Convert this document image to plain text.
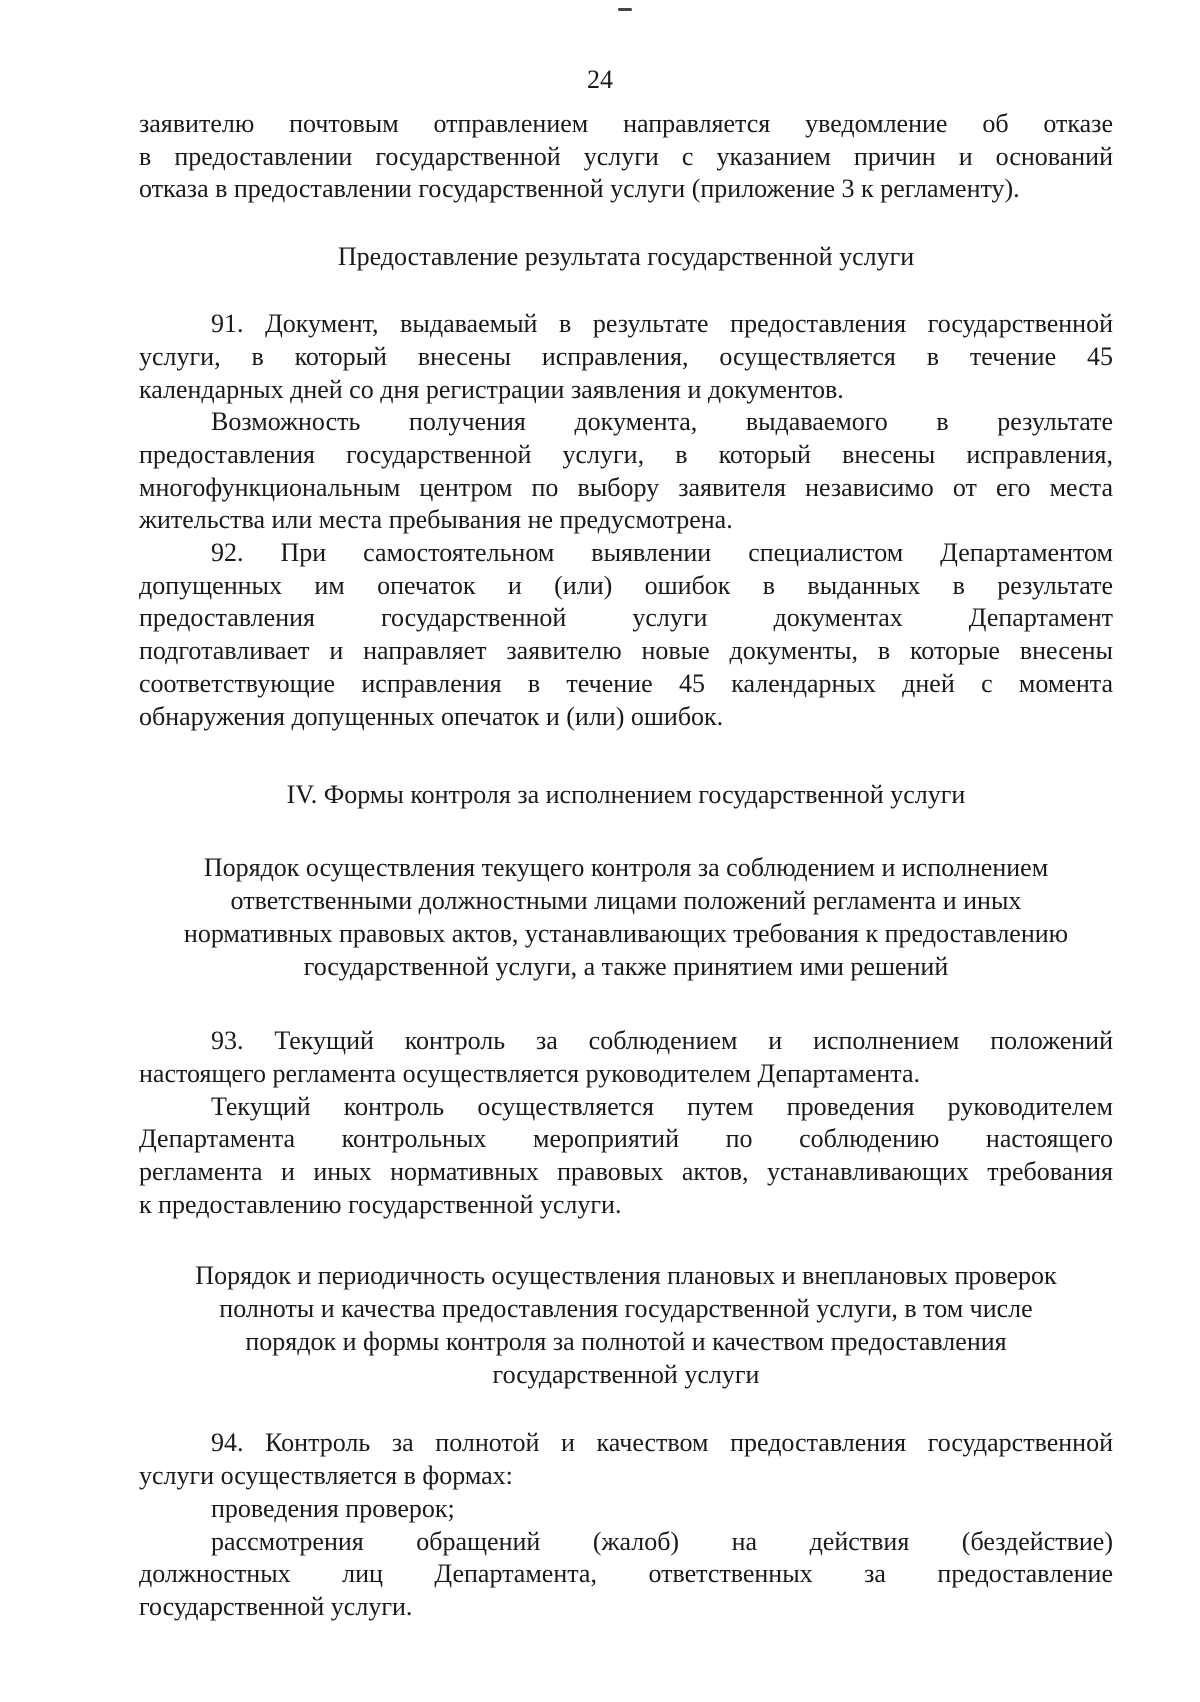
24

заявителю почтовым отправлением направляется уведомление об отказе

в предоставлении государственной услуги с указанием причин и оснований

отказа в предоставлении государственной услуги (приложение 3 к регламенту).

Предоставление результата государственной услуги

91. Документ, выдаваемый в результате предоставления государственной

услуги, в который внесены исправления, осуществляется в течение 45

календарных дней со дня регистрации заявления и документов.

Возможность получения документа, выдаваемого в результате

предоставления государственной услуги, в который внесены исправления,

многофункциональным центром по выбору заявителя независимо от его места

жительства или места пребывания не предусмотрена.

92. При самостоятельном выявлении специалистом Департаментом

допущенных им опечаток и (или) ошибок в выданных в результате

предоставления государственной услуги документах Департамент

подготавливает и направляет заявителю новые документы, в которые внесены

соответствующие исправления в течение 45 календарных дней с момента

обнаружения допущенных опечаток и (или) ошибок.

IV. Формы контроля за исполнением государственной услуги

Порядок осуществления текущего контроля за соблюдением и исполнением

ответственными должностными лицами положений регламента и иных

нормативных правовых актов, устанавливающих требования к предоставлению

государственной услуги, а также принятием ими решений

93. Текущий контроль за соблюдением и исполнением положений

настоящего регламента осуществляется руководителем Департамента.

Текущий контроль осуществляется путем проведения руководителем

Департамента контрольных мероприятий по соблюдению настоящего

регламента и иных нормативных правовых актов, устанавливающих требования

к предоставлению государственной услуги.

Порядок и периодичность осуществления плановых и внеплановых проверок

полноты и качества предоставления государственной услуги, в том числе

порядок и формы контроля за полнотой и качеством предоставления

государственной услуги

94. Контроль за полнотой и качеством предоставления государственной

услуги осуществляется в формах:

проведения проверок;

рассмотрения обращений (жалоб) на действия (бездействие)

должностных лиц Департамента, ответственных за предоставление

государственной услуги.
